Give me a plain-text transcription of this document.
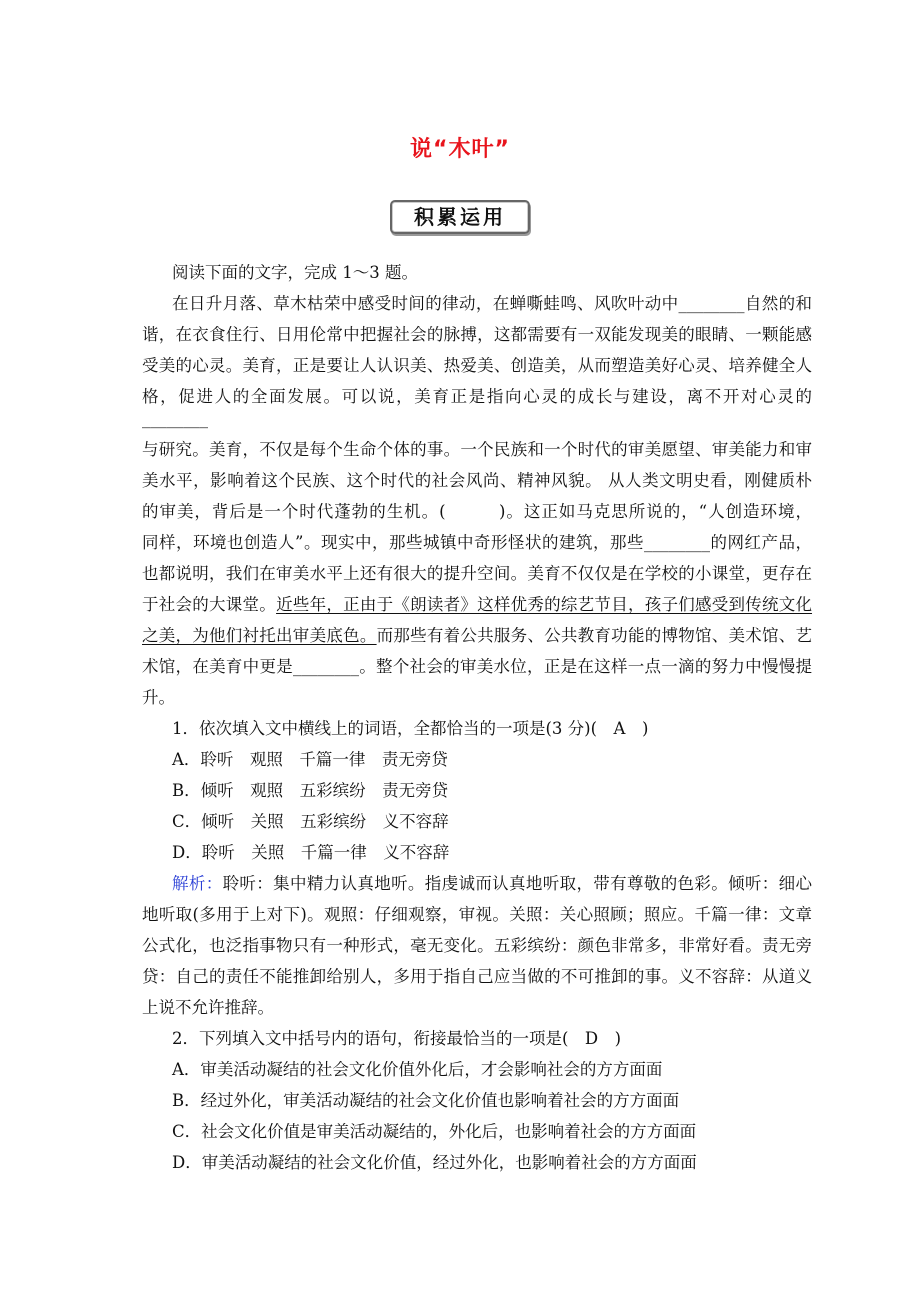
说“木叶”
积累运用
阅读下面的文字，完成 1～3 题。
在日升月落、草木枯荣中感受时间的律动，在蝉嘶蛙鸣、风吹叶动中________自然的和
谐，在衣食住行、日用伦常中把握社会的脉搏，这都需要有一双能发现美的眼睛、一颗能感
受美的心灵。美育，正是要让人认识美、热爱美、创造美，从而塑造美好心灵、培养健全人
格，促进人的全面发展。可以说，美育正是指向心灵的成长与建设，离不开对心灵的________
与研究。美育，不仅是每个生命个体的事。一个民族和一个时代的审美愿望、审美能力和审
美水平，影响着这个民族、这个时代的社会风尚、精神风貌。 从人类文明史看，刚健质朴
的审美，背后是一个时代蓬勃的生机。(　　　)。这正如马克思所说的，“人创造环境，
同样，环境也创造人”。现实中，那些城镇中奇形怪状的建筑，那些________的网红产品，
也都说明，我们在审美水平上还有很大的提升空间。美育不仅仅是在学校的小课堂，更存在
于社会的大课堂。近些年，正由于《朗读者》这样优秀的综艺节目，孩子们感受到传统文化
之美，为他们衬托出审美底色。而那些有着公共服务、公共教育功能的博物馆、美术馆、艺
术馆，在美育中更是________。整个社会的审美水位，正是在这样一点一滴的努力中慢慢提
升。
1．依次填入文中横线上的词语，全都恰当的一项是(3 分)(　A　)
A．聆听　观照　千篇一律　责无旁贷
B．倾听　观照　五彩缤纷　责无旁贷
C．倾听　关照　五彩缤纷　义不容辞
D．聆听　关照　千篇一律　义不容辞
解析：聆听：集中精力认真地听。指虔诚而认真地听取，带有尊敬的色彩。倾听：细心
地听取(多用于上对下)。观照：仔细观察，审视。关照：关心照顾；照应。千篇一律：文章
公式化，也泛指事物只有一种形式，毫无变化。五彩缤纷：颜色非常多，非常好看。责无旁
贷：自己的责任不能推卸给别人，多用于指自己应当做的不可推卸的事。义不容辞：从道义
上说不允许推辞。
2．下列填入文中括号内的语句，衔接最恰当的一项是(　D　)
A．审美活动凝结的社会文化价值外化后，才会影响社会的方方面面
B．经过外化，审美活动凝结的社会文化价值也影响着社会的方方面面
C．社会文化价值是审美活动凝结的，外化后，也影响着社会的方方面面
D．审美活动凝结的社会文化价值，经过外化，也影响着社会的方方面面
